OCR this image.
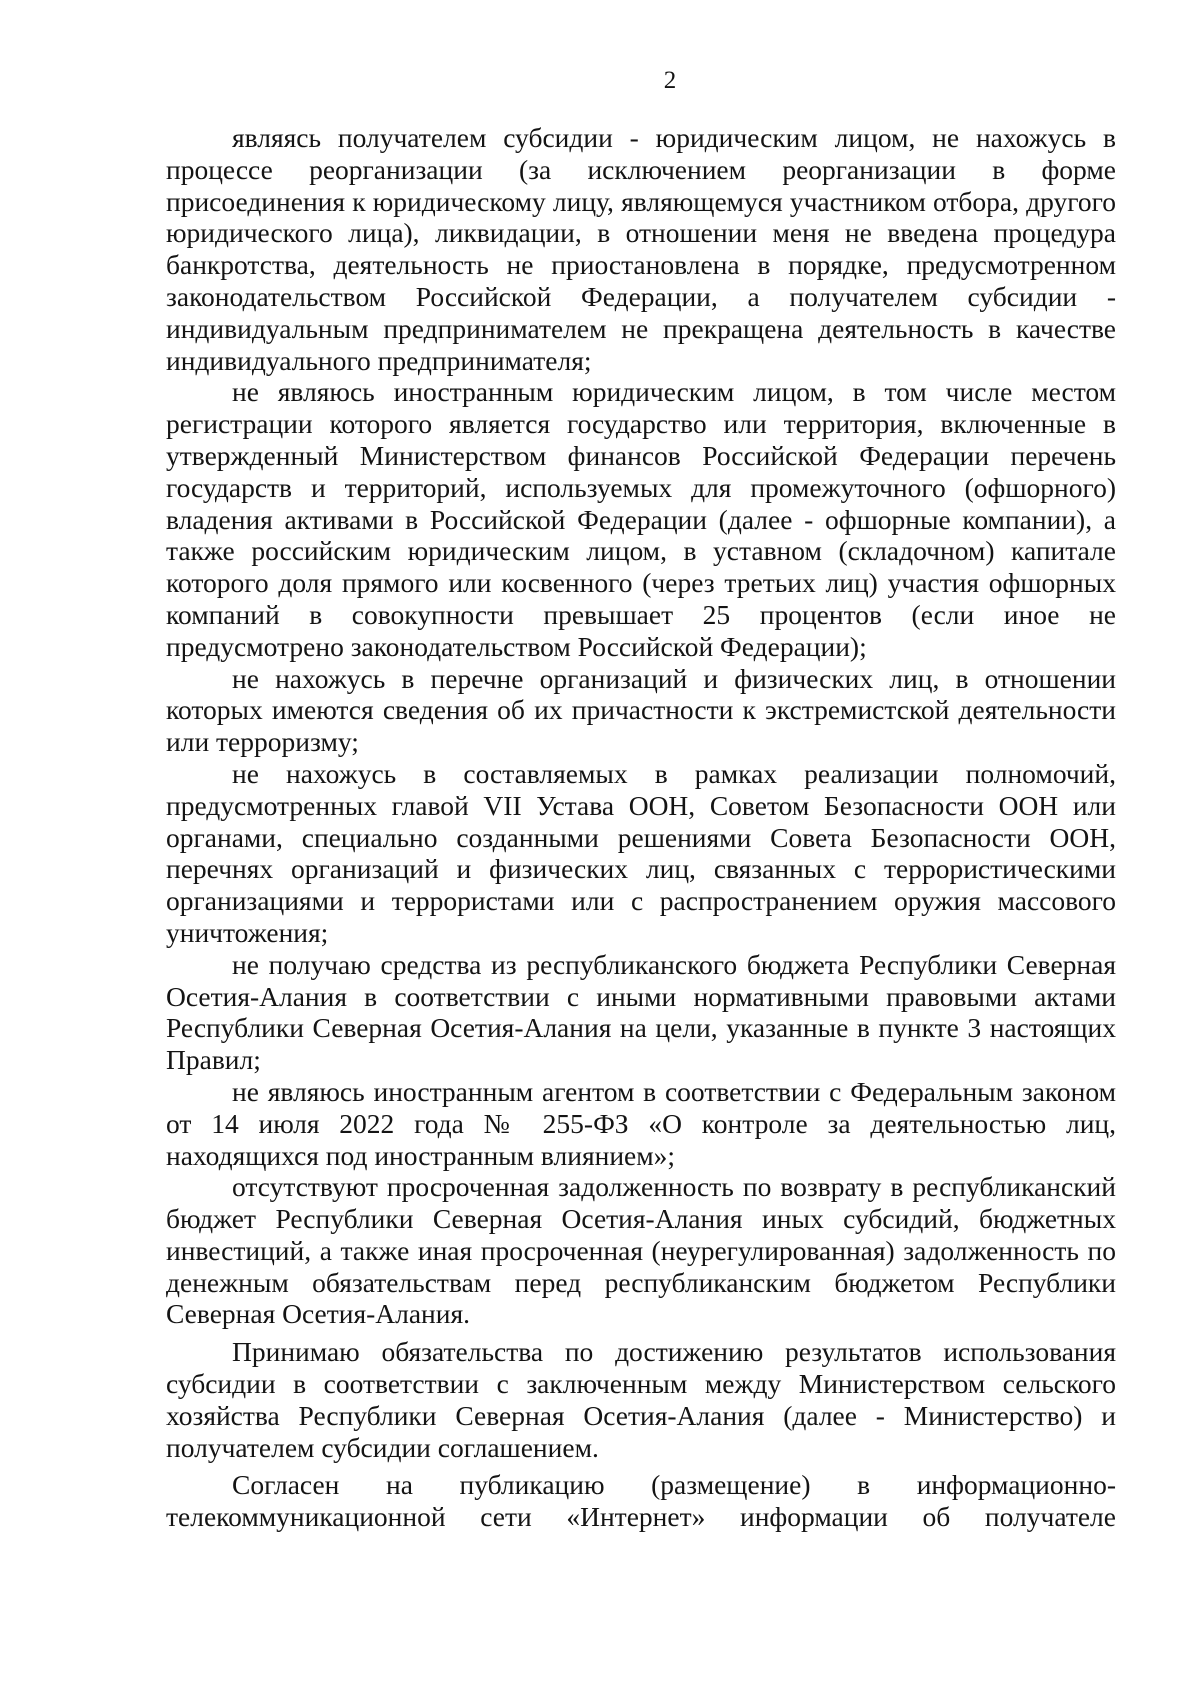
2

являясь получателем субсидии - юридическим лицом, не нахожусь в процессе реорганизации (за исключением реорганизации в форме присоединения к юридическому лицу, являющемуся участником отбора, другого юридического лица), ликвидации, в отношении меня не введена процедура банкротства, деятельность не приостановлена в порядке, предусмотренном законодательством Российской Федерации, а получателем субсидии - индивидуальным предпринимателем не прекращена деятельность в качестве индивидуального предпринимателя;

не являюсь иностранным юридическим лицом, в том числе местом регистрации которого является государство или территория, включенные в утвержденный Министерством финансов Российской Федерации перечень государств и территорий, используемых для промежуточного (офшорного) владения активами в Российской Федерации (далее - офшорные компании), а также российским юридическим лицом, в уставном (складочном) капитале которого доля прямого или косвенного (через третьих лиц) участия офшорных компаний в совокупности превышает 25 процентов (если иное не предусмотрено законодательством Российской Федерации);

не нахожусь в перечне организаций и физических лиц, в отношении которых имеются сведения об их причастности к экстремистской деятельности или терроризму;

не нахожусь в составляемых в рамках реализации полномочий, предусмотренных главой VII Устава ООН, Советом Безопасности ООН или органами, специально созданными решениями Совета Безопасности ООН, перечнях организаций и физических лиц, связанных с террористическими организациями и террористами или с распространением оружия массового уничтожения;

не получаю средства из республиканского бюджета Республики Северная Осетия-Алания в соответствии с иными нормативными правовыми актами Республики Северная Осетия-Алания на цели, указанные в пункте 3 настоящих Правил;

не являюсь иностранным агентом в соответствии с Федеральным законом от 14 июля 2022 года № 255-ФЗ «О контроле за деятельностью лиц, находящихся под иностранным влиянием»;

отсутствуют просроченная задолженность по возврату в республиканский бюджет Республики Северная Осетия-Алания иных субсидий, бюджетных инвестиций, а также иная просроченная (неурегулированная) задолженность по денежным обязательствам перед республиканским бюджетом Республики Северная Осетия-Алания.

Принимаю обязательства по достижению результатов использования субсидии в соответствии с заключенным между Министерством сельского хозяйства Республики Северная Осетия-Алания (далее - Министерство) и получателем субсидии соглашением.

Согласен на публикацию (размещение) в информационно-телекоммуникационной сети «Интернет» информации об получателе
